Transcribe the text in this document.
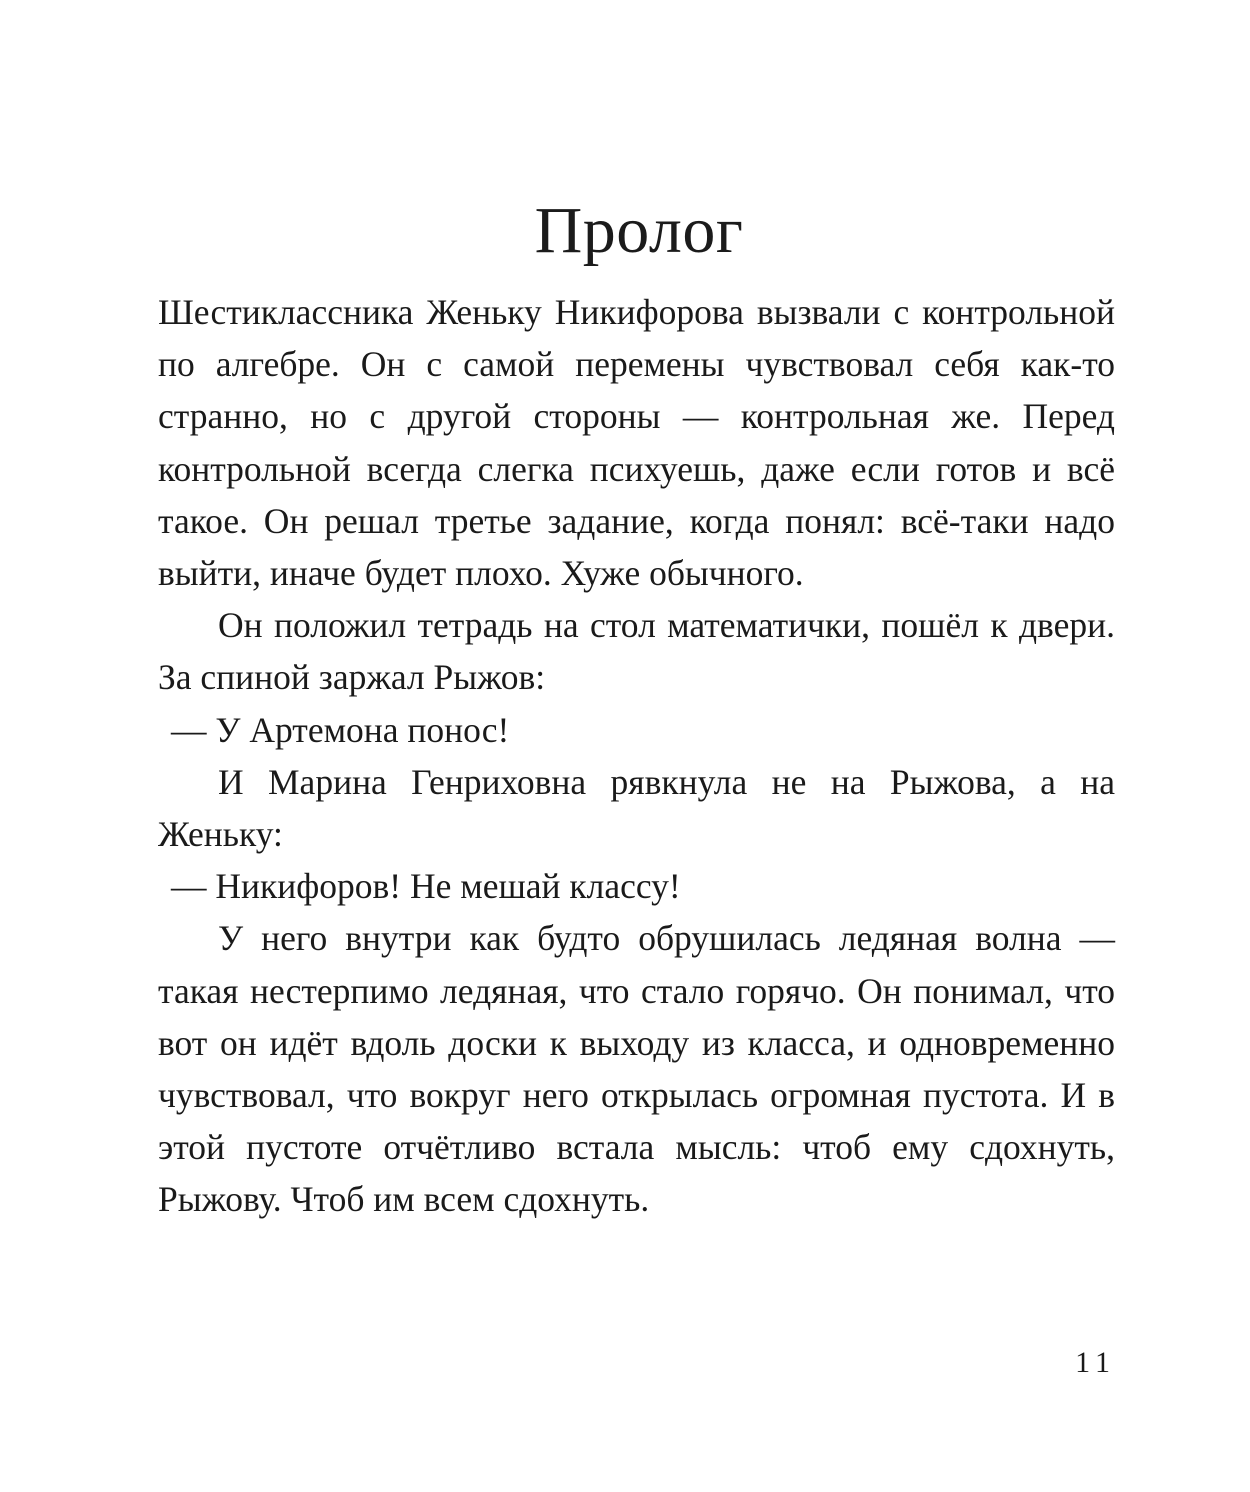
Пролог

Шестиклассника Женьку Никифорова вызвали с контрольной по алгебре. Он с самой перемены чувствовал себя как-то странно, но с другой стороны — контрольная же. Перед контрольной всегда слегка психуешь, даже если готов и всё такое. Он решал третье задание, когда понял: всё-таки надо выйти, иначе будет плохо. Хуже обычного.

Он положил тетрадь на стол математички, пошёл к двери. За спиной заржал Рыжов:

— У Артемона понос!

И Марина Генриховна рявкнула не на Рыжова, а на Женьку:

— Никифоров! Не мешай классу!

У него внутри как будто обрушилась ледяная волна — такая нестерпимо ледяная, что стало горячо. Он понимал, что вот он идёт вдоль доски к выходу из класса, и одновременно чувствовал, что вокруг него открылась огромная пустота. И в этой пустоте отчётливо встала мысль: чтоб ему сдохнуть, Рыжову. Чтоб им всем сдохнуть.

11
